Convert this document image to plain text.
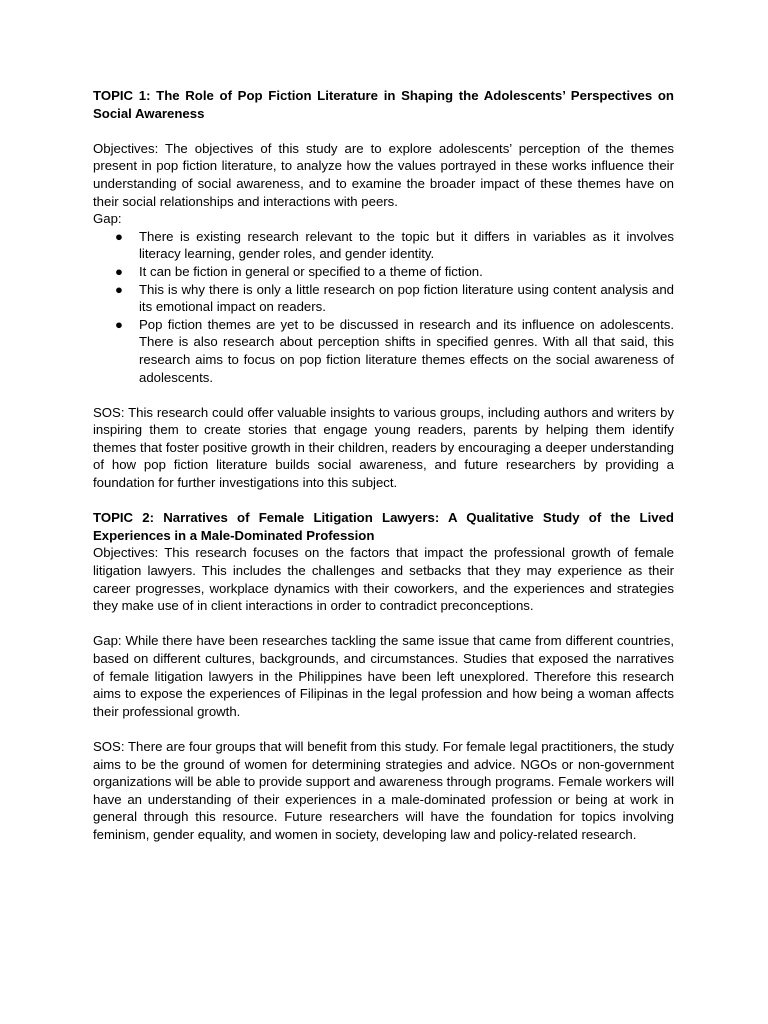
TOPIC 1: The Role of Pop Fiction Literature in Shaping the Adolescents’ Perspectives on Social Awareness

Objectives: The objectives of this study are to explore adolescents’ perception of the themes present in pop fiction literature, to analyze how the values portrayed in these works influence their understanding of social awareness, and to examine the broader impact of these themes have on their social relationships and interactions with peers.

Gap:

● There is existing research relevant to the topic but it differs in variables as it involves literacy learning, gender roles, and gender identity.
● It can be fiction in general or specified to a theme of fiction.
● This is why there is only a little research on pop fiction literature using content analysis and its emotional impact on readers.
● Pop fiction themes are yet to be discussed in research and its influence on adolescents. There is also research about perception shifts in specified genres. With all that said, this research aims to focus on pop fiction literature themes effects on the social awareness of adolescents.

SOS: This research could offer valuable insights to various groups, including authors and writers by inspiring them to create stories that engage young readers, parents by helping them identify themes that foster positive growth in their children, readers by encouraging a deeper understanding of how pop fiction literature builds social awareness, and future researchers by providing a foundation for further investigations into this subject.

TOPIC 2: Narratives of Female Litigation Lawyers: A Qualitative Study of the Lived Experiences in a Male-Dominated Profession

Objectives: This research focuses on the factors that impact the professional growth of female litigation lawyers. This includes the challenges and setbacks that they may experience as their career progresses, workplace dynamics with their coworkers, and the experiences and strategies they make use of in client interactions in order to contradict preconceptions.

Gap: While there have been researches tackling the same issue that came from different countries, based on different cultures, backgrounds, and circumstances. Studies that exposed the narratives of female litigation lawyers in the Philippines have been left unexplored. Therefore this research aims to expose the experiences of Filipinas in the legal profession and how being a woman affects their professional growth.

SOS: There are four groups that will benefit from this study. For female legal practitioners, the study aims to be the ground of women for determining strategies and advice. NGOs or non-government organizations will be able to provide support and awareness through programs. Female workers will have an understanding of their experiences in a male-dominated profession or being at work in general through this resource. Future researchers will have the foundation for topics involving feminism, gender equality, and women in society, developing law and policy-related research.
